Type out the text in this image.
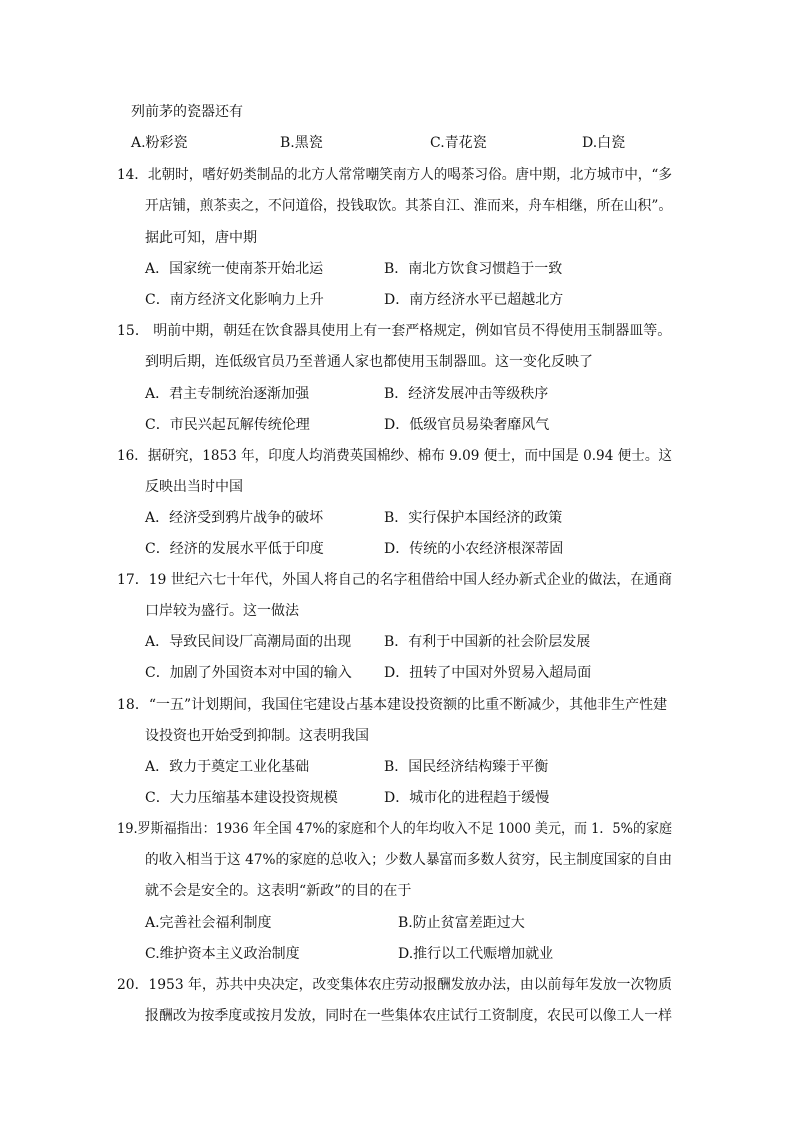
列前茅的瓷器还有
A.粉彩瓷	B.黑瓷	C.青花瓷	D.白瓷
14．北朝时，嗜好奶类制品的北方人常常嘲笑南方人的喝茶习俗。唐中期，北方城市中，“多
开店铺，煎茶卖之，不问道俗，投钱取饮。其茶自江、淮而来，舟车相继，所在山积”。
据此可知，唐中期
A．国家统一使南茶开始北运	B．南北方饮食习惯趋于一致
C．南方经济文化影响力上升	D．南方经济水平已超越北方
15． 明前中期，朝廷在饮食器具使用上有一套严格规定，例如官员不得使用玉制器皿等。
到明后期，连低级官员乃至普通人家也都使用玉制器皿。这一变化反映了
A．君主专制统治逐渐加强	B．经济发展冲击等级秩序
C．市民兴起瓦解传统伦理	D．低级官员易染奢靡风气
16．据研究，1853 年，印度人均消费英国棉纱、棉布 9.09 便士，而中国是 0.94 便士。这
反映出当时中国
A．经济受到鸦片战争的破坏	B．实行保护本国经济的政策
C．经济的发展水平低于印度	D．传统的小农经济根深蒂固
17．19 世纪六七十年代，外国人将自己的名字租借给中国人经办新式企业的做法，在通商
口岸较为盛行。这一做法
A．导致民间设厂高潮局面的出现 B．有利于中国新的社会阶层发展
C．加剧了外国资本对中国的输入 D．扭转了中国对外贸易入超局面
18．“一五”计划期间，我国住宅建设占基本建设投资额的比重不断减少，其他非生产性建
设投资也开始受到抑制。这表明我国
A．致力于奠定工业化基础	B．国民经济结构臻于平衡
C．大力压缩基本建设投资规模	D．城市化的进程趋于缓慢
19.罗斯福指出：1936 年全国 47%的家庭和个人的年均收入不足 1000 美元，而 1．5%的家庭
的收入相当于这 47%的家庭的总收入；少数人暴富而多数人贫穷，民主制度国家的自由
就不会是安全的。这表明“新政”的目的在于
A.完善社会福利制度	B.防止贫富差距过大
C.维护资本主义政治制度	D.推行以工代赈增加就业
20．1953 年，苏共中央决定，改变集体农庄劳动报酬发放办法，由以前每年发放一次物质
报酬改为按季度或按月发放，同时在一些集体农庄试行工资制度，农民可以像工人一样
